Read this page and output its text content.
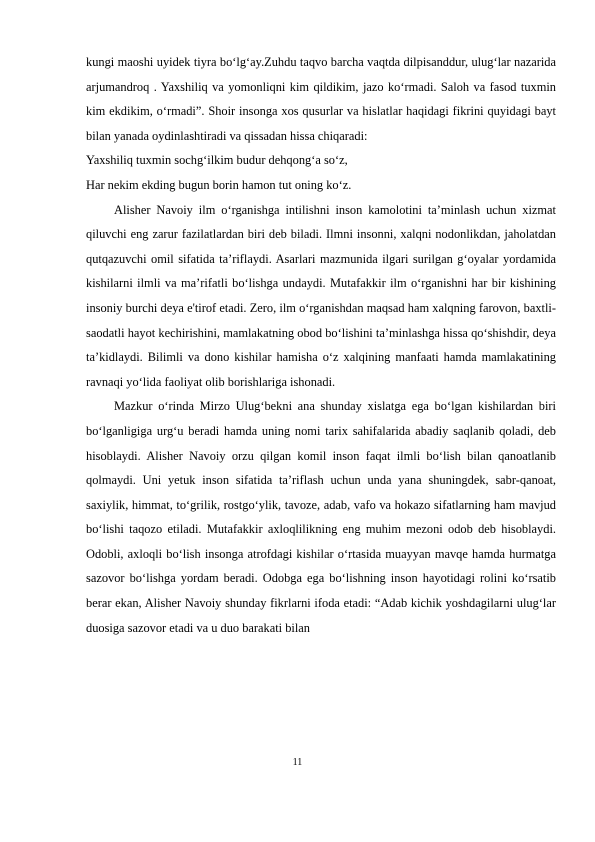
kungi maoshi uyidek tiyra bo‘lg‘ay.Zuhdu taqvo barcha vaqtda dilpisanddur, ulug‘lar nazarida arjumandroq . Yaxshiliq va yomonliqni kim qildikim, jazo ko‘rmadi. Saloh va fasod tuxmin kim ekdikim, o‘rmadi”. Shoir insonga xos qusurlar va hislatlar haqidagi fikrini quyidagi bayt bilan yanada oydinlashtiradi va qissadan hissa chiqaradi:

Yaxshiliq tuxmin sochg‘ilkim budur dehqong‘a so‘z,

Har nekim ekding bugun borin hamon tut oning ko‘z.

Alisher Navoiy ilm o‘rganishga intilishni inson kamolotini ta’minlash uchun xizmat qiluvchi eng zarur fazilatlardan biri deb biladi. Ilmni insonni, xalqni nodonlikdan, jaholatdan qutqazuvchi omil sifatida ta’riflaydi. Asarlari mazmunida ilgari surilgan g‘oyalar yordamida kishilarni ilmli va ma’rifatli bo‘lishga undaydi. Mutafakkir ilm o‘rganishni har bir kishining insoniy burchi deya e'tirof etadi. Zero, ilm o‘rganishdan maqsad ham xalqning farovon, baxtli-saodatli hayot kechirishini, mamlakatning obod bo‘lishini ta’minlashga hissa qo‘shishdir, deya ta’kidlaydi. Bilimli va dono kishilar hamisha o‘z xalqining manfaati hamda mamlakatining ravnaqi yo‘lida faoliyat olib borishlariga ishonadi.

Mazkur o‘rinda Mirzo Ulug‘bekni ana shunday xislatga ega bo‘lgan kishilardan biri bo‘lganligiga urg‘u beradi hamda uning nomi tarix sahifalarida abadiy saqlanib qoladi, deb hisoblaydi. Alisher Navoiy orzu qilgan komil inson faqat ilmli bo‘lish bilan qanoatlanib qolmaydi. Uni yetuk inson sifatida ta’riflash uchun unda yana shuningdek, sabr-qanoat, saxiylik, himmat, to‘grilik, rostgo‘ylik, tavoze, adab, vafo va hokazo sifatlarning ham mavjud bo‘lishi taqozo etiladi. Mutafakkir axloqlilikning eng muhim mezoni odob deb hisoblaydi. Odobli, axloqli bo‘lish insonga atrofdagi kishilar o‘rtasida muayyan mavqe hamda hurmatga sazovor bo‘lishga yordam beradi. Odobga ega bo‘lishning inson hayotidagi rolini ko‘rsatib berar ekan, Alisher Navoiy shunday fikrlarni ifoda etadi: “Adab kichik yoshdagilarni ulug‘lar duosiga sazovor etadi va u duo barakati bilan

11
